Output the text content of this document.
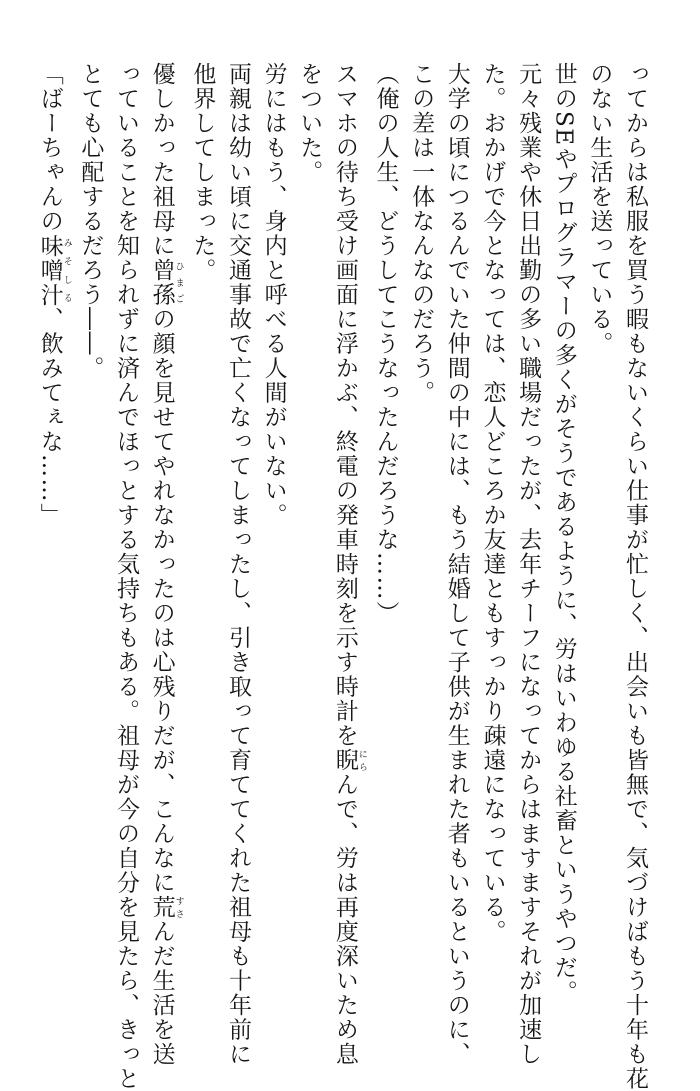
ってからは私服を買う暇もないくらい仕事が忙しく、出会いも皆無で、気づけばもう十年も花

のない生活を送っている。

世のSEやプログラマーの多くがそうであるように、労はいわゆる社畜というやつだ。

元々残業や休日出勤の多い職場だったが、去年チーフになってからはますますそれが加速し

た。おかげで今となっては、恋人どころか友達ともすっかり疎遠になっている。

大学の頃につるんでいた仲間の中には、もう結婚して子供が生まれた者もいるというのに、

この差は一体なんなのだろう。

（俺の人生、どうしてこうなったんだろうな……）

スマホの待ち受け画面に浮かぶ、終電の発車時刻を示す時計を睨 にらんで、労は再度深いため息

をついた。

労にはもう、身内と呼べる人間がいない。

両親は幼い頃に交通事故で亡くなってしまったし、引き取って育ててくれた祖母も十年前に

他界してしまった。

優しかった祖母に曾孫 ひまごの顔を見せてやれなかったのは心残りだが、こんなに荒 すさんだ生活を送

っていることを知られずに済んでほっとする気持ちもある。祖母が今の自分を見たら、きっと

とても心配するだろう――。

「ばーちゃんの味噌汁 みそしる、飲みてぇな……」
